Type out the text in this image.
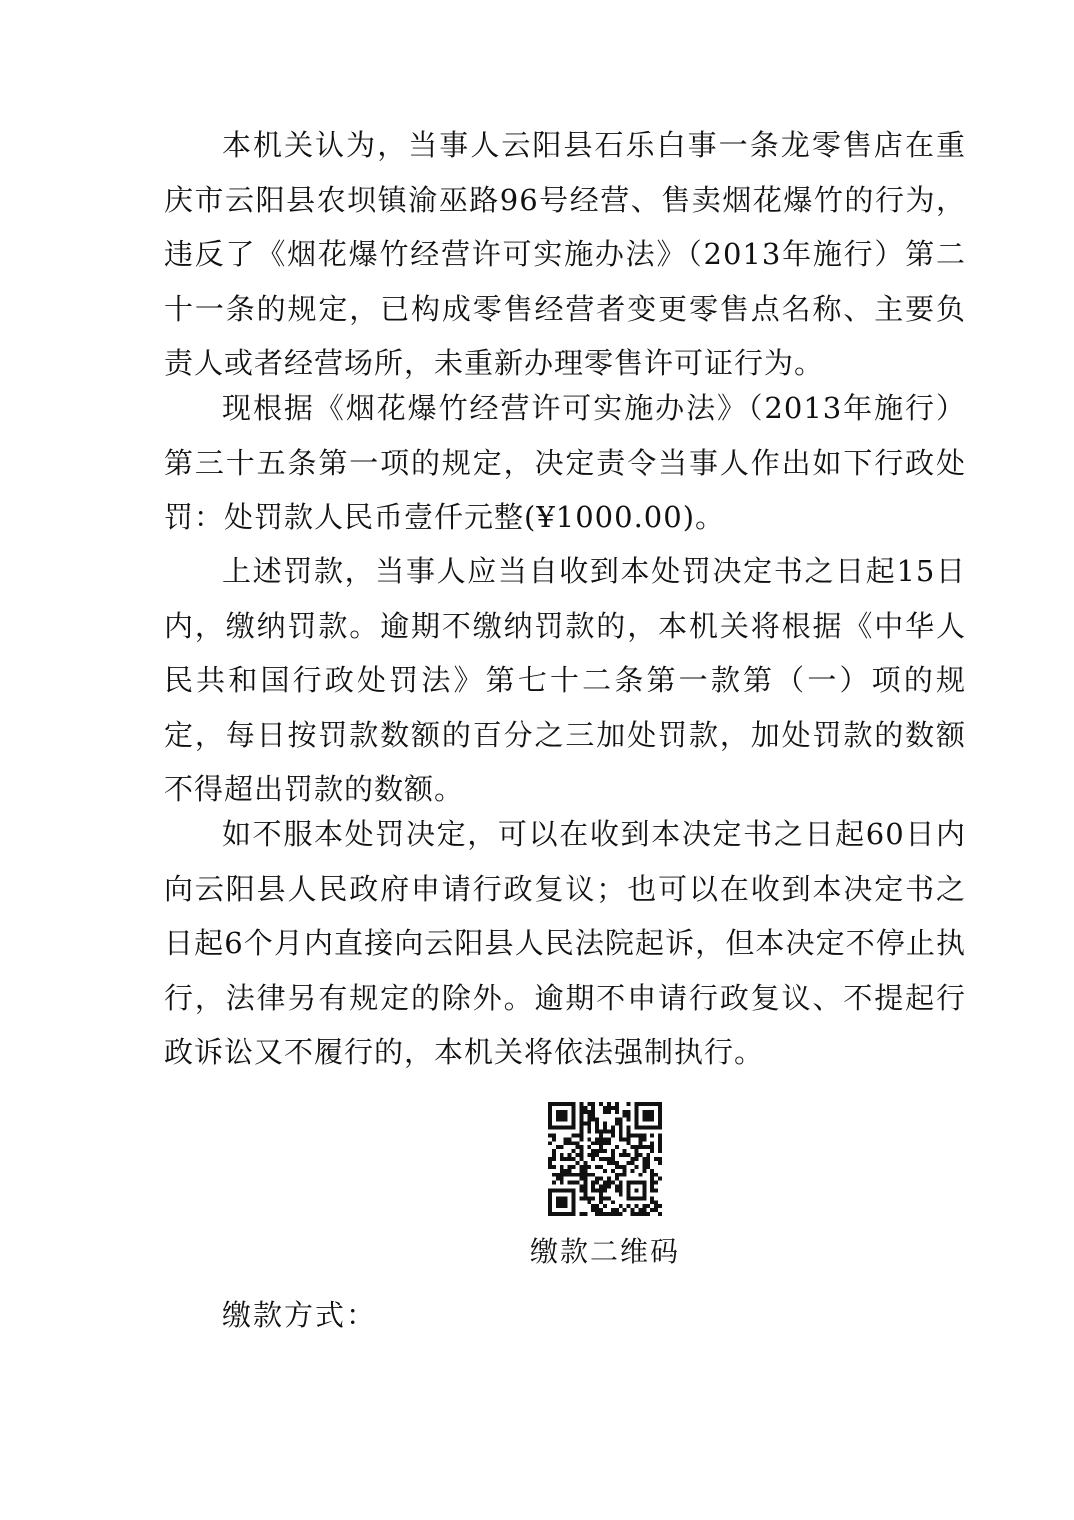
本机关认为，当事人云阳县石乐白事一条龙零售店在重庆市云阳县农坝镇渝巫路96号经营、售卖烟花爆竹的行为，违反了《烟花爆竹经营许可实施办法》（2013年施行）第二十一条的规定，已构成零售经营者变更零售点名称、主要负责人或者经营场所，未重新办理零售许可证行为。

现根据《烟花爆竹经营许可实施办法》（2013年施行）第三十五条第一项的规定，决定责令当事人作出如下行政处罚：处罚款人民币壹仟元整(¥1000.00)。

上述罚款，当事人应当自收到本处罚决定书之日起15日内，缴纳罚款。逾期不缴纳罚款的，本机关将根据《中华人民共和国行政处罚法》第七十二条第一款第（一）项的规定，每日按罚款数额的百分之三加处罚款，加处罚款的数额不得超出罚款的数额。

如不服本处罚决定，可以在收到本决定书之日起60日内向云阳县人民政府申请行政复议；也可以在收到本决定书之日起6个月内直接向云阳县人民法院起诉，但本决定不停止执行，法律另有规定的除外。逾期不申请行政复议、不提起行政诉讼又不履行的，本机关将依法强制执行。

缴款二维码
缴款方式：
